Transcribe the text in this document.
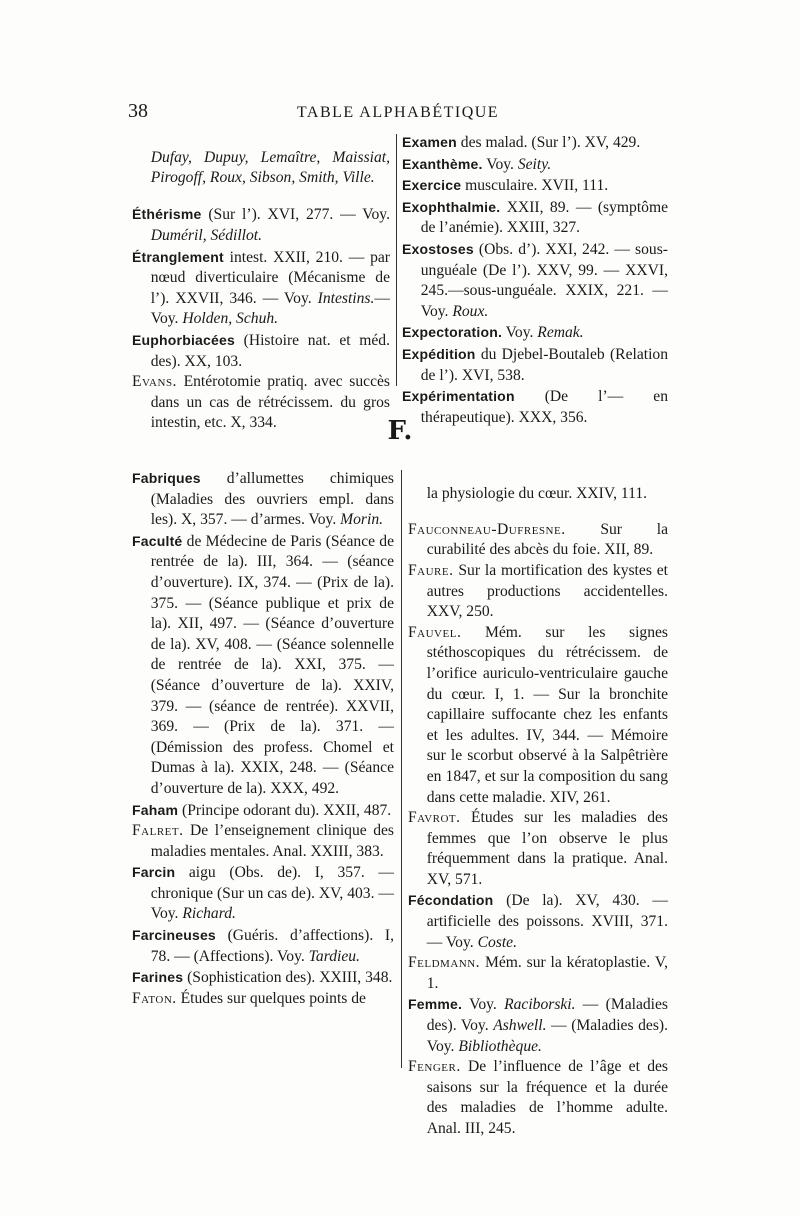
38	TABLE ALPHABÉTIQUE

Dufay, Dupuy, Lemaître, Maissiat, Pirogoff, Roux, Sibson, Smith, Ville.

Éthérisme (Sur l’). XVI, 277. — Voy. Duméril, Sédillot.

Étranglement intest. XXII, 210. — par nœud diverticulaire (Mécanisme de l’). XXVII, 346. — Voy. Intestins.— Voy. Holden, Schuh.

Euphorbiacées (Histoire nat. et méd. des). XX, 103.

Evans. Entérotomie pratiq. avec succès dans un cas de rétrécissem. du gros intestin, etc. X, 334.

Examen des malad. (Sur l’). XV, 429.

Exanthème. Voy. Seity.

Exercice musculaire. XVII, 111.

Exophthalmie. XXII, 89. — (symptôme de l’anémie). XXIII, 327.

Exostoses (Obs. d’). XXI, 242. — sous-unguéale (De l’). XXV, 99. — XXVI, 245.—sous-unguéale. XXIX, 221. — Voy. Roux.

Expectoration. Voy. Remak.

Expédition du Djebel-Boutaleb (Relation de l’). XVI, 538.

Expérimentation (De l’— en thérapeutique). XXX, 356.

F.

Fabriques d’allumettes chimiques (Maladies des ouvriers empl. dans les). X, 357. — d’armes. Voy. Morin.

Faculté de Médecine de Paris (Séance de rentrée de la). III, 364. — (séance d’ouverture). IX, 374. — (Prix de la). 375. — (Séance publique et prix de la). XII, 497. — (Séance d’ouverture de la). XV, 408. — (Séance solennelle de rentrée de la). XXI, 375. — (Séance d’ouverture de la). XXIV, 379. — (séance de rentrée). XXVII, 369. — (Prix de la). 371. — (Démission des profess. Chomel et Dumas à la). XXIX, 248. — (Séance d’ouverture de la). XXX, 492.

Faham (Principe odorant du). XXII, 487.

Falret. De l’enseignement clinique des maladies mentales. Anal. XXIII, 383.

Farcin aigu (Obs. de). I, 357. — chronique (Sur un cas de). XV, 403. — Voy. Richard.

Farcineuses (Guéris. d’affections). I, 78. — (Affections). Voy. Tardieu.

Farines (Sophistication des). XXIII, 348.

Faton. Études sur quelques points de

la physiologie du cœur. XXIV, 111.

Fauconneau-Dufresne. Sur la curabilité des abcès du foie. XII, 89.

Faure. Sur la mortification des kystes et autres productions accidentelles. XXV, 250.

Fauvel. Mém. sur les signes stéthoscopiques du rétrécissem. de l’orifice auriculo-ventriculaire gauche du cœur. I, 1. — Sur la bronchite capillaire suffocante chez les enfants et les adultes. IV, 344. — Mémoire sur le scorbut observé à la Salpêtrière en 1847, et sur la composition du sang dans cette maladie. XIV, 261.

Favrot. Études sur les maladies des femmes que l’on observe le plus fréquemment dans la pratique. Anal. XV, 571.

Fécondation (De la). XV, 430. — artificielle des poissons. XVIII, 371. — Voy. Coste.

Feldmann. Mém. sur la kératoplastie. V, 1.

Femme. Voy. Raciborski. — (Maladies des). Voy. Ashwell. — (Maladies des). Voy. Bibliothèque.

Fenger. De l’influence de l’âge et des saisons sur la fréquence et la durée des maladies de l’homme adulte. Anal. III, 245.
